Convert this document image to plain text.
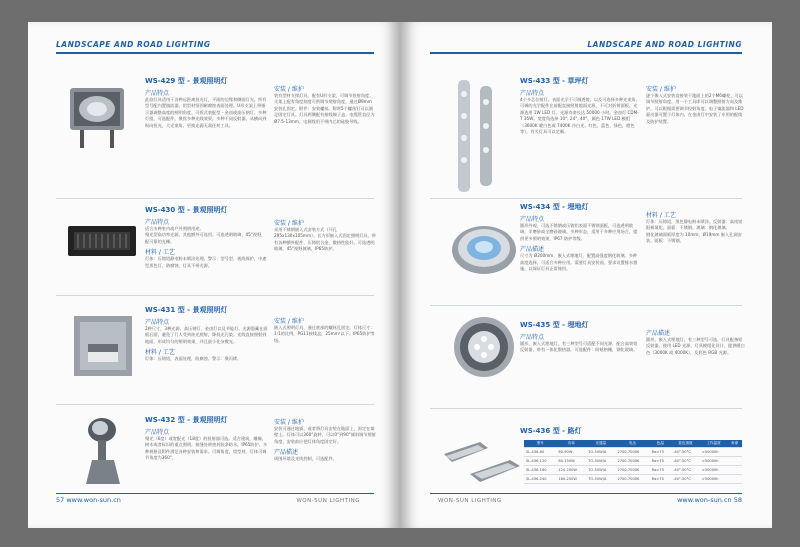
LANDSCAPE AND ROAD LIGHTING
WS-429 型 - 景观照明灯
产品特点
此款灯具适用于各种远距离投光灯，平面的边缘和侧面灯光。所有型号配内置镇流器。铝型材坚固耐腐蚀表面处理。U形支架上带指示器调整高度的照明角度。可拆式装配型 - 金卤或高压钠灯。多种灯组，可选配件，聚焦多种光线效果。多种不同反射器，从横向到纵向投光，大光束角。更换光源无需任何工具。
安装 / 维护
装有型材支撑灯具，配有U形支架，可调节投射角度。支架上配有角度刻度可供调节照射角度，通过Ø9mm安装孔固定。附件：安装螺丝。附带5个螺丝钉可以满足固定灯具。灯具两侧配有接线端子盒。电缆管直径为Ø7.5-13mm。电源线用不带内芯的硅胶导线。
WS-430 型 - 景观照明灯
产品特点
适合多种室内或户外照明用途。
聚光型高功率光源，其他额外可选用。可选透明玻璃，45°视野，配可靠的光栅。
材料 / 工艺
灯体：压铸铝静电粉末喷涂处理。警示：型号型，视线保护，中速型黑色灯，防腐蚀，灯具不带光源。
安装 / 维护
采用不锈钢嵌入式安装方式（开孔295x130x105mm）。长方形嵌入式固定照明灯具，带有各种额外配件，压铸铝合金，散热性能好。可选透明玻璃，45°视野玻璃，IP65防护。
WS-431 型 - 景观照明灯
产品特点
2种尺寸，3种光源，高压钠灯，金卤灯以及节能灯。光源隐藏在面板后面，避免了行人受到炫光照射，降低光污染。光线直接照射到地面，形成均匀的照明效果，并且最小化杂散光。
材料 / 工艺
灯体：压铸铝，表面处理，防腐蚀。警示：聚丙烯。
安装 / 维护
嵌入式照明灯具，通过底部的螺丝孔固定。灯体尺寸：1:1的比例，PG11接线盒，25mm²以下。IP65防护等级。
WS-432 型 - 景观照明灯
产品特点
聚光（6度）或宽配光（18度）的投射器可选。适合建筑，雕像，树木或者标识的重点照明。接缝处带密封胶条防水，IP65防护。多种规格及附件满足各种安装和需求。可调角度，铝型材。灯体可调节角度为360°。
安装 / 维护
安装可通过地插，或者将灯具安装在地面上，固定在墙壁上。灯体可以360°旋转，可以0°到90°倾斜调节照射角度，安装前应把灯体角度固定好。
产品描述
周围环境及光线控制，可选配件。
57 www.won-sun.cn	WON-SUN LIGHTING
LANDSCAPE AND ROAD LIGHTING
WS-433 型 - 草坪灯
产品特点
4个多芯位射灯。表面光学不可调透镜，以及可选择多种光束角。可调的光学配件在前配直接照射地面光源，不可对折射面板。光源选用 1W LED 灯。光源寿命长达 50000 小时。金卤灯 CDM-T 35W。宽度角选择 10°, 24°, 40°，颜色 17W LED 模组（3600K 暖白色或 7400K 冷白光、红色、蓝色、绿色，橙色等），有关灯具可以定制。
安装 / 维护
逐个嵌入式安装直接装于地面上的2个M6螺栓，可以调节照射角度。用一个工具即可以调整照射方向及维护，可以根据需要调节投射角度。电子镇流器和 LED 驱动器可置于灯体内。在金卤灯中安装了专用的配线及防护装置。
WS-434 型 - 埋地灯
产品特点
圆形外观，可选不锈钢或压铸铝表面不锈钢面板，可选透明玻璃，半磨砂或全磨砂玻璃。多种形态，适用于多种应用场合，提供更多照明效果，IP67 防护等级。
产品描述
尺寸为 Ø200mm，嵌入式埋地灯，配置高强度钢化玻璃。多种高度选择，可适合多种应用。需要灯具安装前，要求设置排水措施，以保证灯具正常使用。
材料 / 工艺
灯体：压铸铝，黑色静电粉末喷涂。反射器：高纯铝阳极氧化。面板：不锈钢。玻璃：钢化玻璃。
钢化玻璃面板厚度为 10mm，Ø19mm 嵌入孔洞安装。面板：不锈钢。
WS-435 型 - 埋地灯
产品特点
圆形，嵌入式埋地灯，有三种型号可适配不同光源，配合高效铝反射器，带有一体化散热器。可选配件：防眩格栅，钢化玻璃。
产品描述
圆形，嵌入式埋地灯，有三种型号可选，灯具配备铝反射器。使用 LED 光源，灯具模组化设计，提供暖白色（3000K 或 4000K），及彩色 RGB 光源。
WS-436 型 - 路灯
型号	功率	光通量	电压	色温	显色指数	工作温度	寿命
SL-436-60	60-90W	TO-50W/A	2700-7000K	Ra>75	-40°-50°C	>50000h	
SL-436-120	80-150W	TO-50W/A	2700-7000K	Ra>75	-40°-50°C	>50000h	
SL-436-180	120-200W	TO-50W/A	2700-7000K	Ra>75	-40°-50°C	>50000h	
SL-436-240	180-250W	TO-50W/A	2700-7000K	Ra>75	-40°-50°C	>50000h	
WON-SUN LIGHTING	www.won-sun.cn 58
